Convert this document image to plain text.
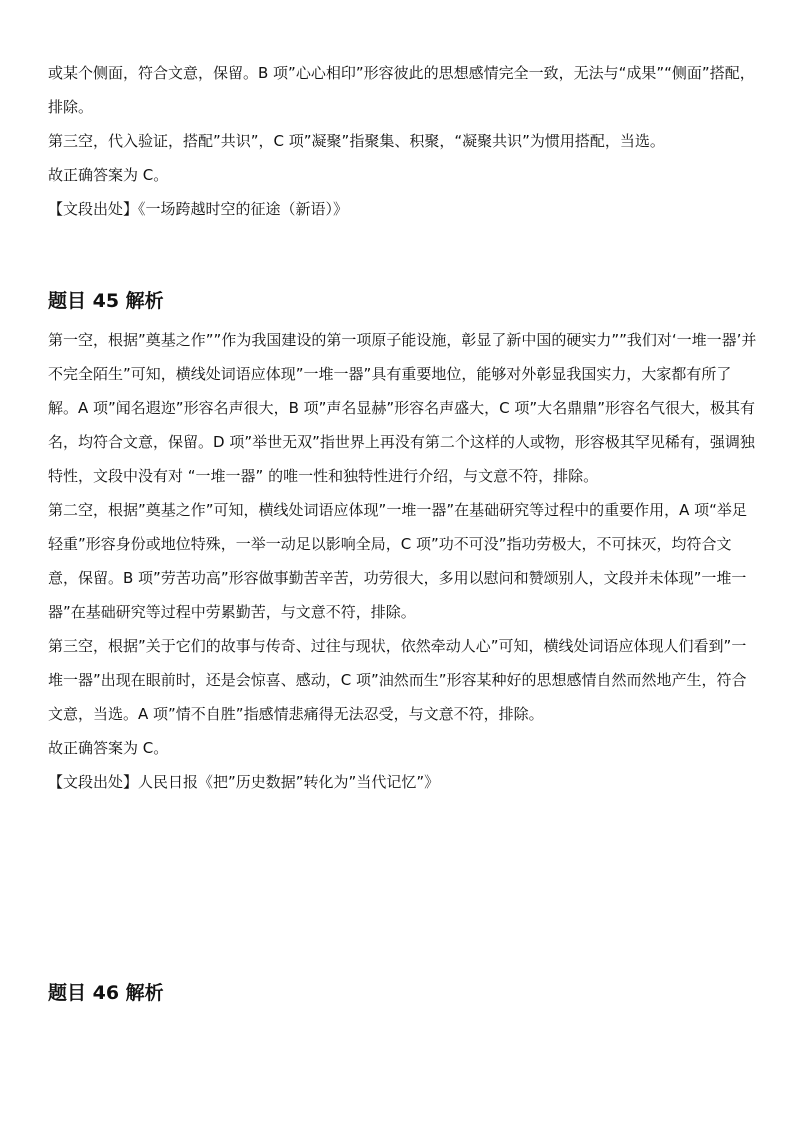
或某个侧面，符合文意，保留。B 项”心心相印”形容彼此的思想感情完全一致，无法与“成果”“侧面”搭配，排除。

第三空，代入验证，搭配”共识”，C 项”凝聚”指聚集、积聚，“凝聚共识”为惯用搭配，当选。

故正确答案为 C。

【文段出处】《一场跨越时空的征途（新语）》

题目 45 解析

第一空，根据”奠基之作””作为我国建设的第一项原子能设施，彰显了新中国的硬实力””我们对‘一堆一器’并不完全陌生”可知，横线处词语应体现”一堆一器”具有重要地位，能够对外彰显我国实力，大家都有所了解。A 项”闻名遐迩”形容名声很大，B 项”声名显赫”形容名声盛大，C 项”大名鼎鼎”形容名气很大，极其有名，均符合文意，保留。D 项”举世无双”指世界上再没有第二个这样的人或物，形容极其罕见稀有，强调独特性，文段中没有对 “一堆一器” 的唯一性和独特性进行介绍，与文意不符，排除。

第二空，根据”奠基之作”可知，横线处词语应体现”一堆一器”在基础研究等过程中的重要作用，A 项“举足轻重”形容身份或地位特殊，一举一动足以影响全局，C 项”功不可没”指功劳极大，不可抹灭，均符合文意，保留。B 项”劳苦功高”形容做事勤苦辛苦，功劳很大，多用以慰问和赞颂别人，文段并未体现”一堆一器”在基础研究等过程中劳累勤苦，与文意不符，排除。

第三空，根据”关于它们的故事与传奇、过往与现状，依然牵动人心”可知，横线处词语应体现人们看到”一堆一器”出现在眼前时，还是会惊喜、感动，C 项”油然而生”形容某种好的思想感情自然而然地产生，符合文意，当选。A 项”情不自胜”指感情悲痛得无法忍受，与文意不符，排除。

故正确答案为 C。

【文段出处】人民日报《把”历史数据”转化为”当代记忆”》

题目 46 解析
